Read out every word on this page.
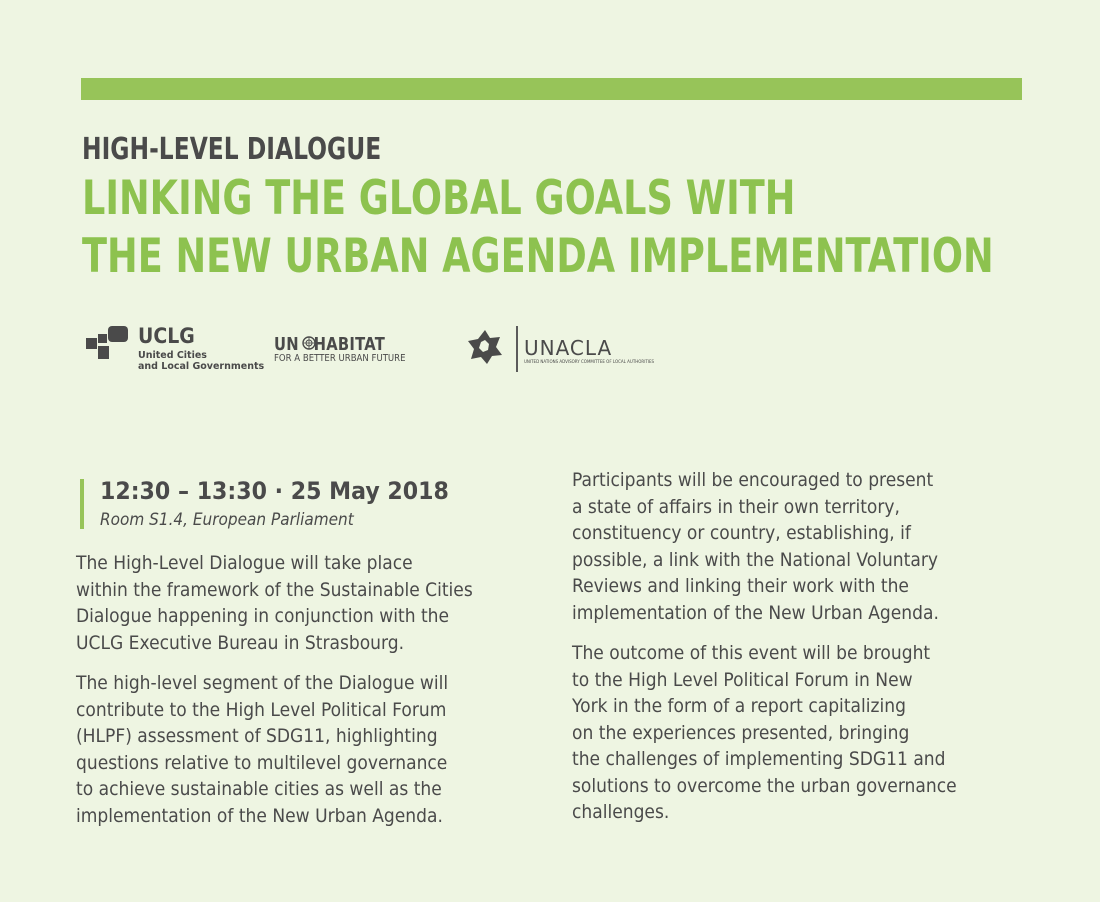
HIGH-LEVEL DIALOGUE
LINKING THE GLOBAL GOALS WITH
THE NEW URBAN AGENDA IMPLEMENTATION
UCLG
United Cities
and Local Governments
UN HABITAT
FOR A BETTER URBAN FUTURE	UNACLA
UNITED NATIONS ADVISORY COMMITTEE OF LOCAL AUTHORITIES
12:30 – 13:30 · 25 May 2018
Room S1.4, European Parliament

The High-Level Dialogue will take place

within the framework of the Sustainable Cities

Dialogue happening in conjunction with the

UCLG Executive Bureau in Strasbourg.

The high-level segment of the Dialogue will

contribute to the High Level Political Forum

(HLPF) assessment of SDG11, highlighting

questions relative to multilevel governance

to achieve sustainable cities as well as the

implementation of the New Urban Agenda.

Participants will be encouraged to present

a state of affairs in their own territory,

constituency or country, establishing, if

possible, a link with the National Voluntary

Reviews and linking their work with the

implementation of the New Urban Agenda.

The outcome of this event will be brought

to the High Level Political Forum in New

York in the form of a report capitalizing

on the experiences presented, bringing

the challenges of implementing SDG11 and

solutions to overcome the urban governance

challenges.
